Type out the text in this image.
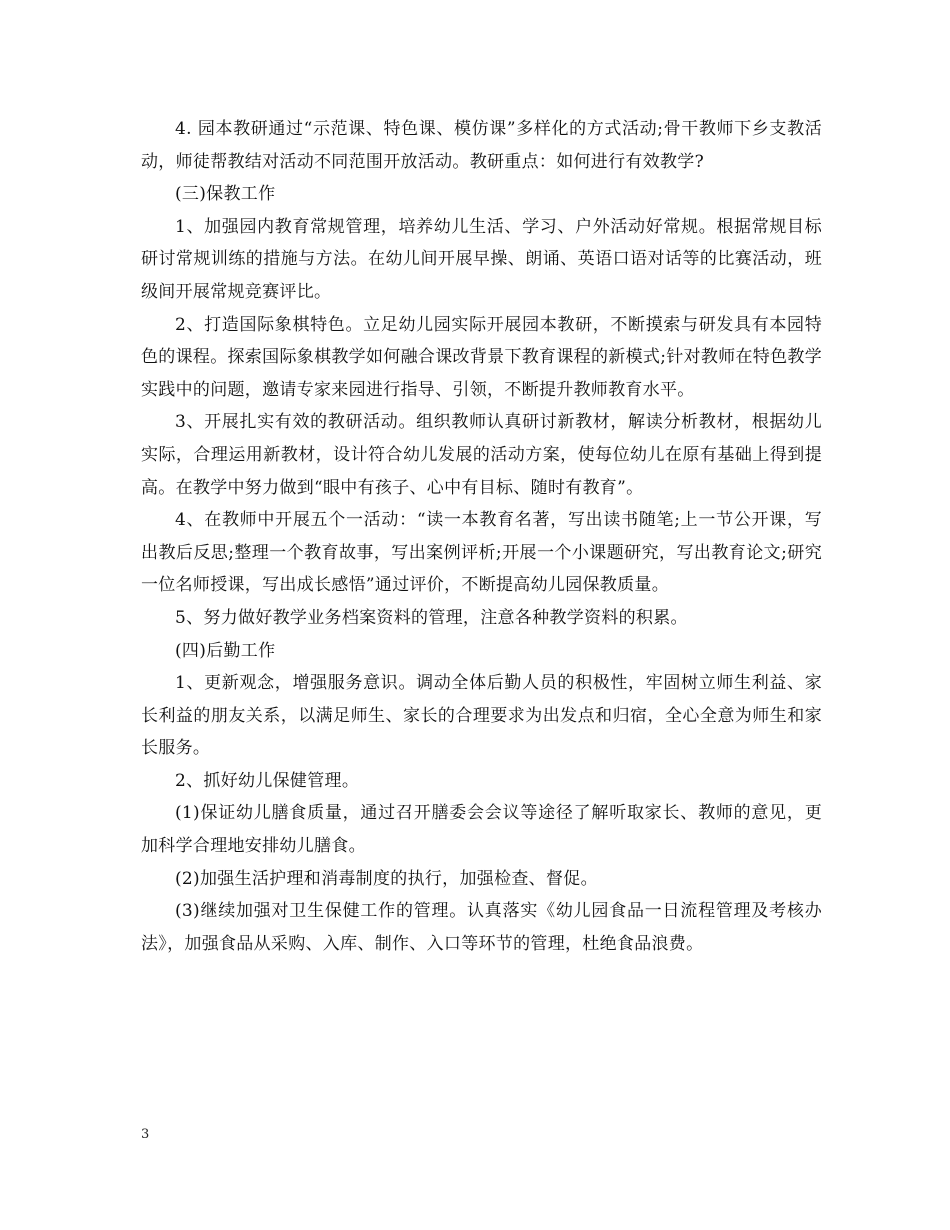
4. 园本教研通过“示范课、特色课、模仿课”多样化的方式活动;骨干教师下乡支教活动，师徒帮教结对活动不同范围开放活动。教研重点：如何进行有效教学?

(三)保教工作

1、加强园内教育常规管理，培养幼儿生活、学习、户外活动好常规。根据常规目标研讨常规训练的措施与方法。在幼儿间开展早操、朗诵、英语口语对话等的比赛活动，班级间开展常规竞赛评比。

2、打造国际象棋特色。立足幼儿园实际开展园本教研，不断摸索与研发具有本园特色的课程。探索国际象棋教学如何融合课改背景下教育课程的新模式;针对教师在特色教学实践中的问题，邀请专家来园进行指导、引领，不断提升教师教育水平。

3、开展扎实有效的教研活动。组织教师认真研讨新教材，解读分析教材，根据幼儿实际，合理运用新教材，设计符合幼儿发展的活动方案，使每位幼儿在原有基础上得到提高。在教学中努力做到“眼中有孩子、心中有目标、随时有教育”。

4、在教师中开展五个一活动：“读一本教育名著，写出读书随笔;上一节公开课，写出教后反思;整理一个教育故事，写出案例评析;开展一个小课题研究，写出教育论文;研究一位名师授课，写出成长感悟”通过评价，不断提高幼儿园保教质量。

5、努力做好教学业务档案资料的管理，注意各种教学资料的积累。

(四)后勤工作

1、更新观念，增强服务意识。调动全体后勤人员的积极性，牢固树立师生利益、家长利益的朋友关系，以满足师生、家长的合理要求为出发点和归宿，全心全意为师生和家长服务。

2、抓好幼儿保健管理。

(1)保证幼儿膳食质量，通过召开膳委会会议等途径了解听取家长、教师的意见，更加科学合理地安排幼儿膳食。

(2)加强生活护理和消毒制度的执行，加强检查、督促。

(3)继续加强对卫生保健工作的管理。认真落实《幼儿园食品一日流程管理及考核办法》，加强食品从采购、入库、制作、入口等环节的管理，杜绝食品浪费。

3
